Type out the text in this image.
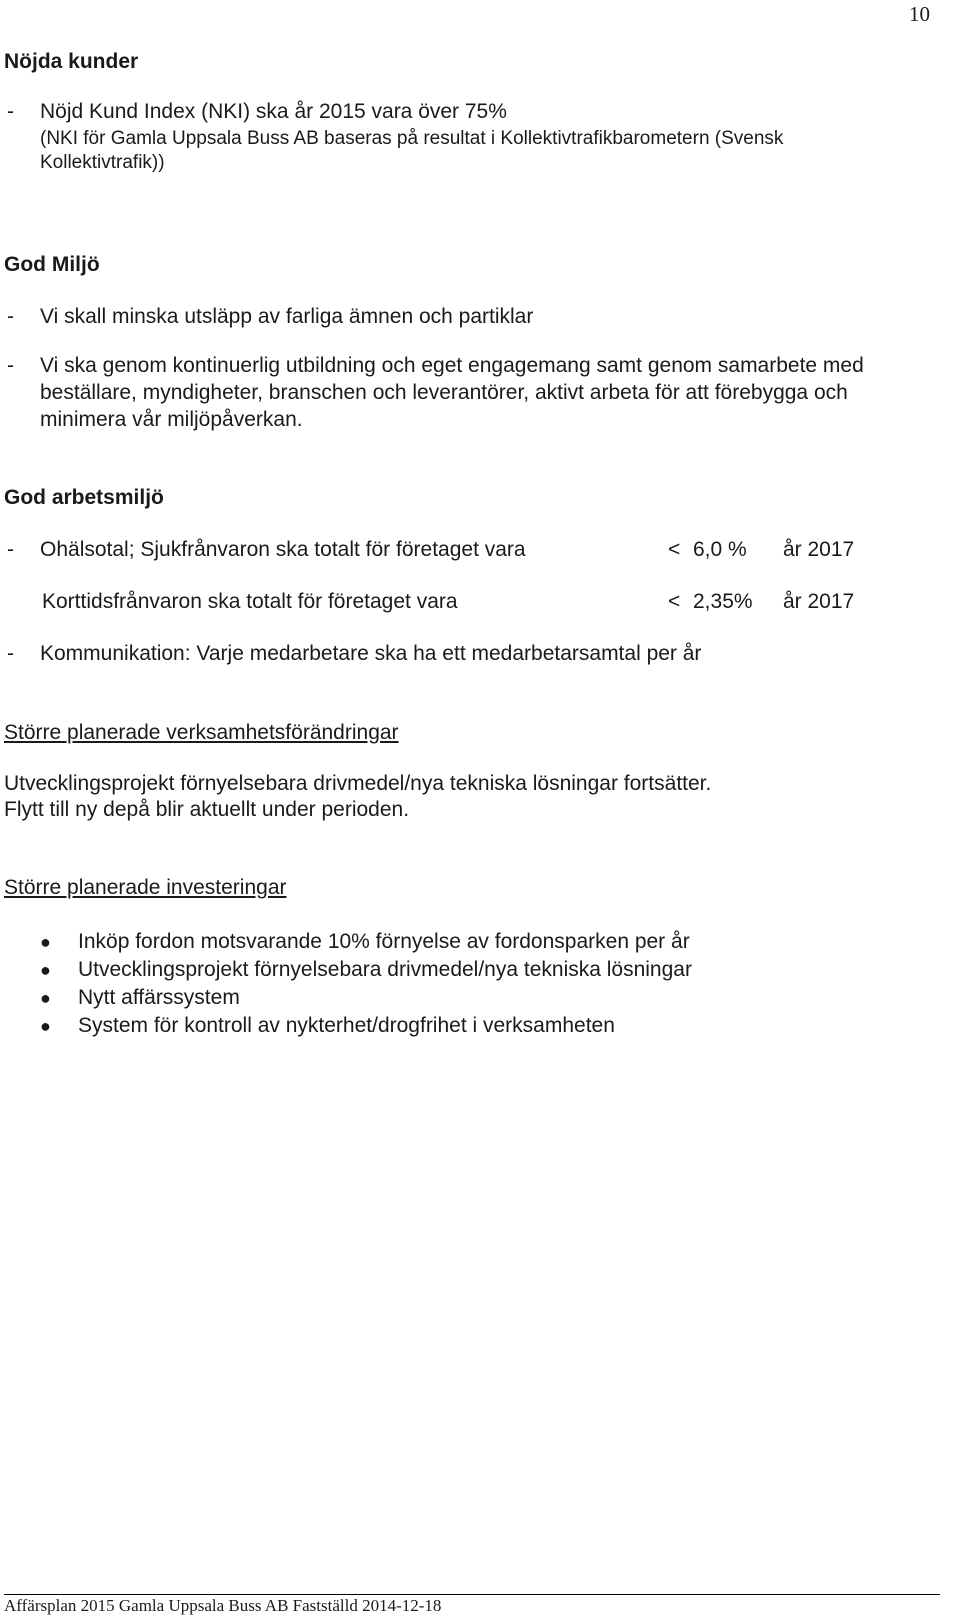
10
Nöjda kunder
- Nöjd Kund Index (NKI) ska år 2015 vara över 75%
(NKI för Gamla Uppsala Buss AB baseras på resultat i Kollektivtrafikbarometern (Svensk
Kollektivtrafik))
God Miljö
- Vi skall minska utsläpp av farliga ämnen och partiklar
- Vi ska genom kontinuerlig utbildning och eget engagemang samt genom samarbete med
beställare, myndigheter, branschen och leverantörer, aktivt arbeta för att förebygga och
minimera vår miljöpåverkan.
God arbetsmiljö
- Ohälsotal; Sjukfrånvaron ska totalt för företaget vara	< 6,0 % år 2017
Korttidsfrånvaron ska totalt för företaget vara	< 2,35% år 2017
- Kommunikation: Varje medarbetare ska ha ett medarbetarsamtal per år
Större planerade verksamhetsförändringar
Utvecklingsprojekt förnyelsebara drivmedel/nya tekniska lösningar fortsätter.
Flytt till ny depå blir aktuellt under perioden.
Större planerade investeringar
● Inköp fordon motsvarande 10% förnyelse av fordonsparken per år
● Utvecklingsprojekt förnyelsebara drivmedel/nya tekniska lösningar
● Nytt affärssystem
● System för kontroll av nykterhet/drogfrihet i verksamheten
Affärsplan 2015 Gamla Uppsala Buss AB Fastställd 2014-12-18
